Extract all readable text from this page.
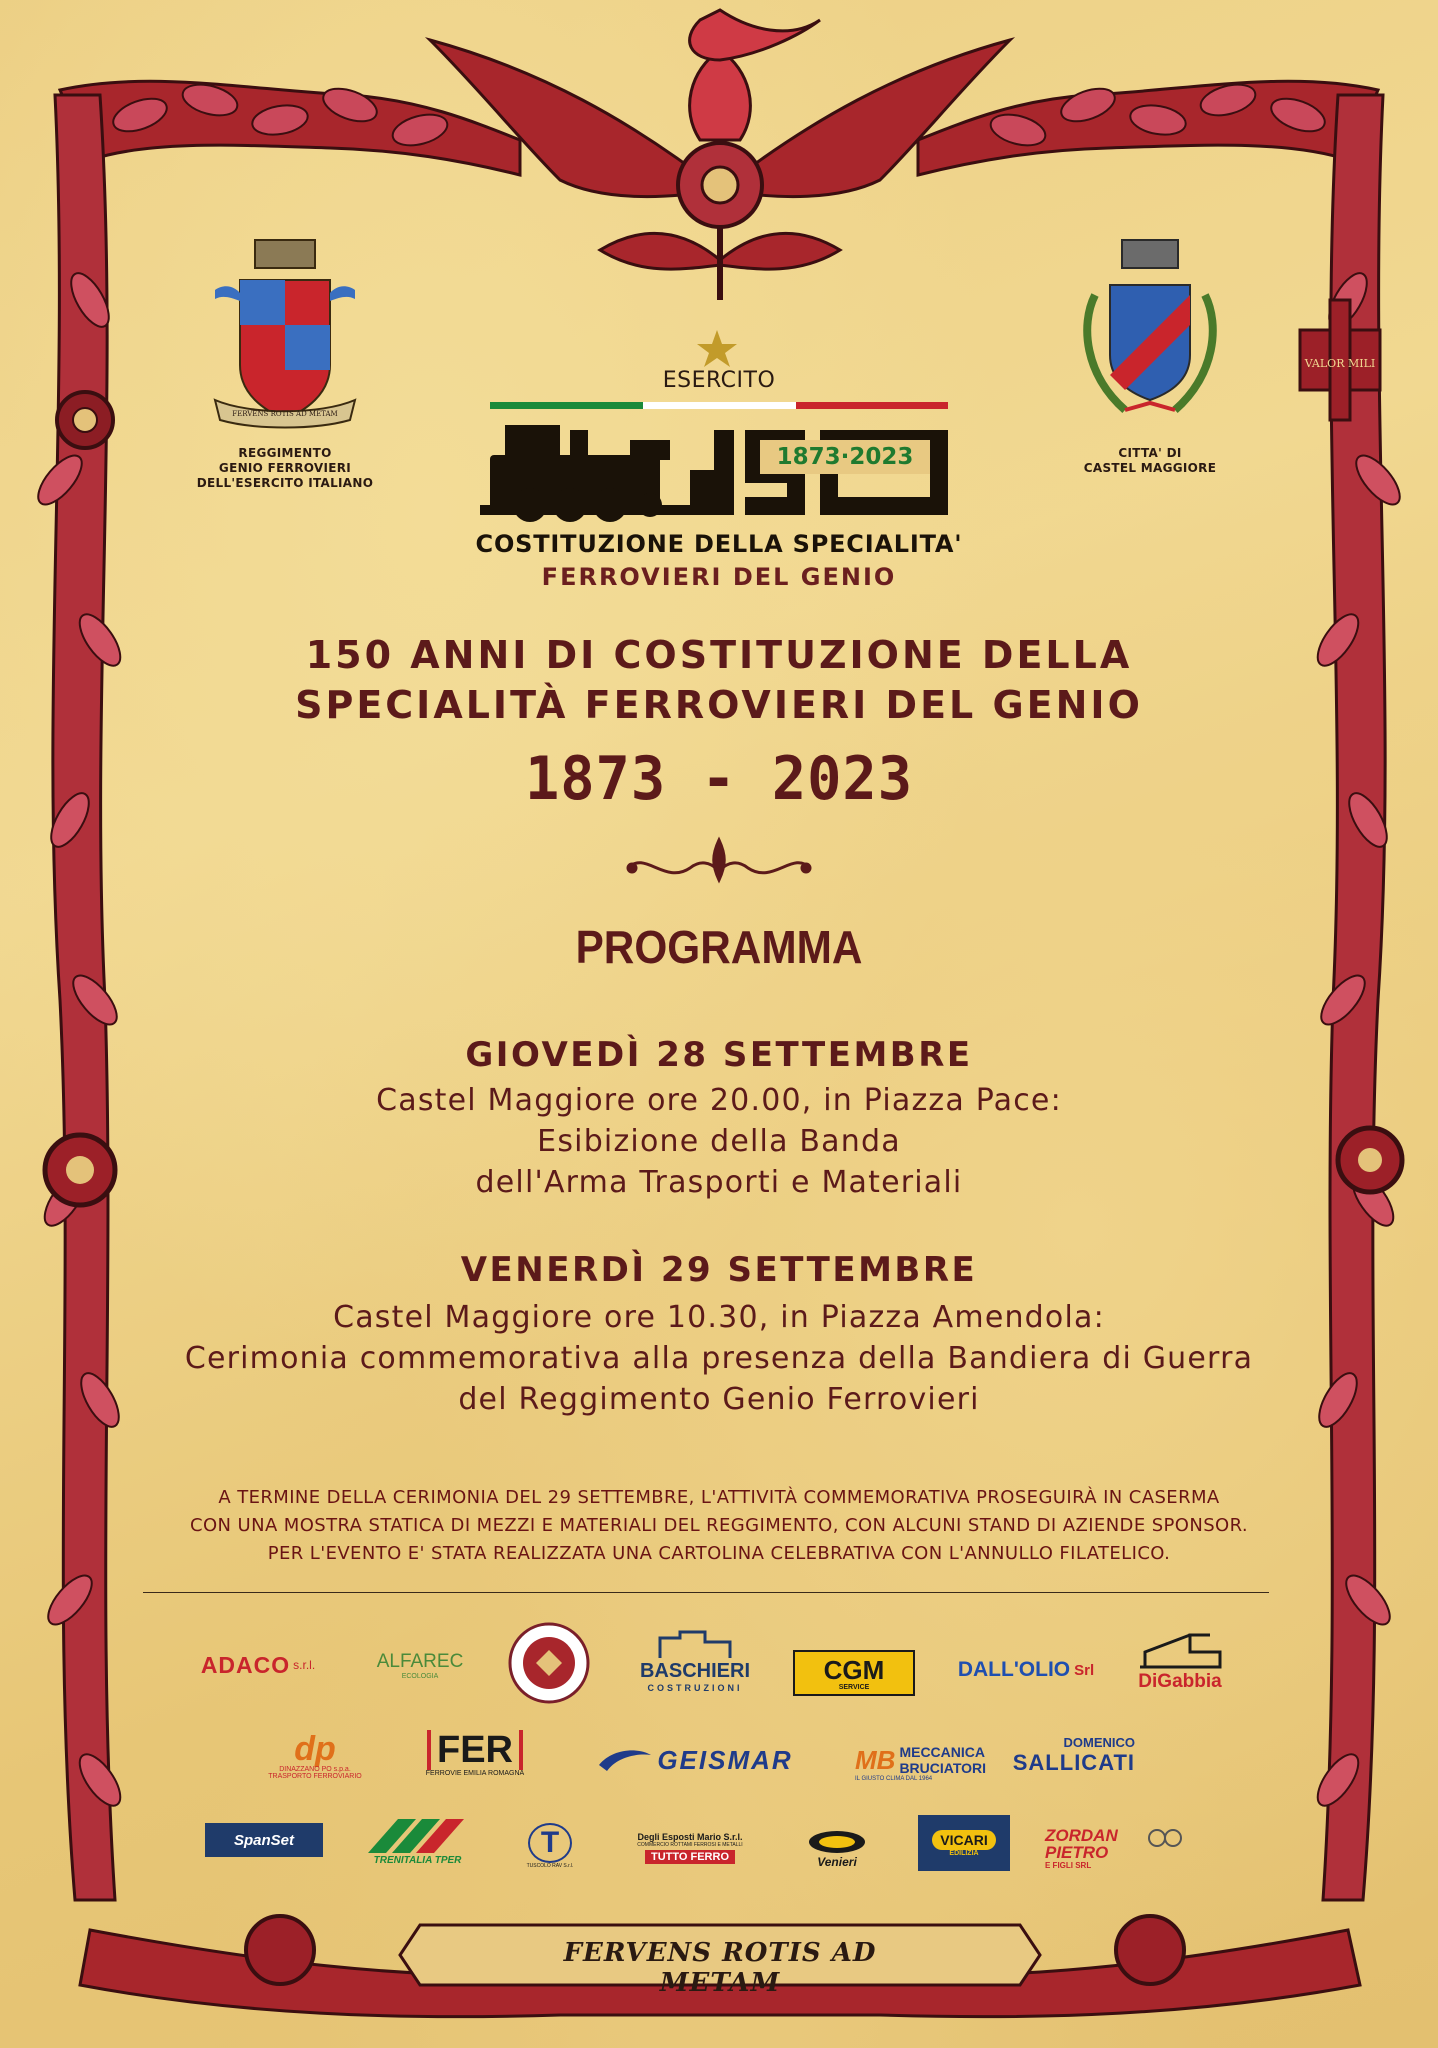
VALOR MILI
ESERCITO
1873·2023
COSTITUZIONE DELLA SPECIALITA'
FERROVIERI DEL GENIO
FERVENS ROTIS AD METAM
REGGIMENTO
GENIO FERROVIERI
DELL'ESERCITO ITALIANO
CITTA' DI
CASTEL MAGGIORE
150 ANNI DI COSTITUZIONE DELLA
SPECIALITÀ FERROVIERI DEL GENIO
1873 - 2023
PROGRAMMA
GIOVEDÌ 28 SETTEMBRE
Castel Maggiore ore 20.00, in Piazza Pace:
Esibizione della Banda
dell'Arma Trasporti e Materiali
VENERDÌ 29 SETTEMBRE
Castel Maggiore ore 10.30, in Piazza Amendola:
Cerimonia commemorativa alla presenza della Bandiera di Guerra
del Reggimento Genio Ferrovieri
A TERMINE DELLA CERIMONIA DEL 29 SETTEMBRE, L'ATTIVITÀ COMMEMORATIVA PROSEGUIRÀ IN CASERMA
CON UNA MOSTRA STATICA DI MEZZI E MATERIALI DEL REGGIMENTO, CON ALCUNI STAND DI AZIENDE SPONSOR.
PER L'EVENTO E' STATA REALIZZATA UNA CARTOLINA CELEBRATIVA CON L'ANNULLO FILATELICO.
ADACO s.r.l.	ALFAREC
ECOLOGIA	BASCHIERI
COSTRUZIONI
CGM
SERVICE
DALL'OLIO Srl
DiGabbia
dp
DINAZZANO PO s.p.a.
TRASPORTO FERROVIARIO
FER
FERROVIE EMILIA ROMAGNA	GEISMAR MB MECCANICA
BRUCIATORI
IL GIUSTO CLIMA DAL 1964
DOMENICO
SALLICATI
SpanSet
TRENITALIA TPER
T
TUSCOLO RAV S.r.l.
Degli Esposti Mario S.r.l.
COMMERCIO ROTTAMI FERROSI E METALLI
TUTTO FERRO	Venieri
VICARI
EDILIZIA
ZORDAN
PIETRO
E FIGLI SRL
FERVENS ROTIS AD METAM
